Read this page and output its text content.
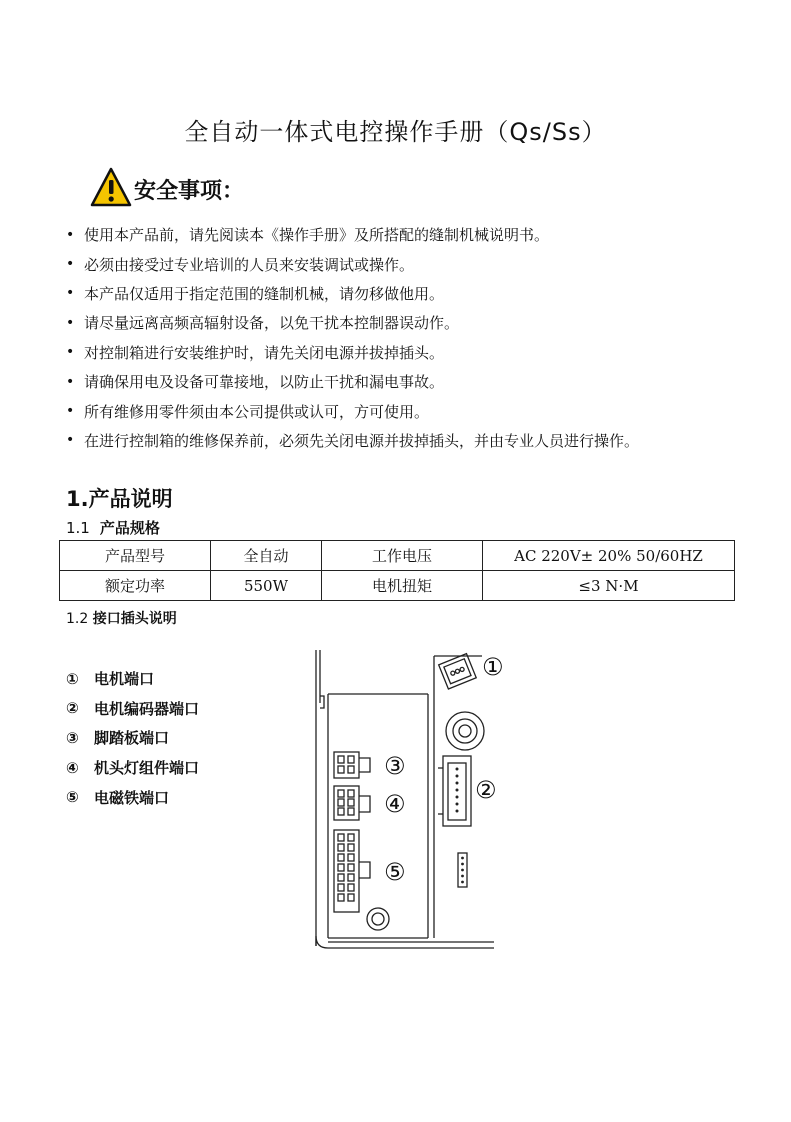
全自动一体式电控操作手册（Qs/Ss）
安全事项：
• 使用本产品前，请先阅读本《操作手册》及所搭配的缝制机械说明书。
• 必须由接受过专业培训的人员来安装调试或操作。
• 本产品仅适用于指定范围的缝制机械，请勿移做他用。
• 请尽量远离高频高辐射设备，以免干扰本控制器误动作。
• 对控制箱进行安装维护时，请先关闭电源并拔掉插头。
• 请确保用电及设备可靠接地，以防止干扰和漏电事故。
• 所有维修用零件须由本公司提供或认可，方可使用。
• 在进行控制箱的维修保养前，必须先关闭电源并拔掉插头，并由专业人员进行操作。
1.产品说明
1.1 产品规格
产品型号	全自动	工作电压	AC 220V± 20% 50/60HZ
额定功率	550W	电机扭矩	≤3 N·M
1.2 接口插头说明
①	电机端口
②	电机编码器端口
③	脚踏板端口
④	机头灯组件端口
⑤	电磁铁端口
①
②
③
④
⑤
